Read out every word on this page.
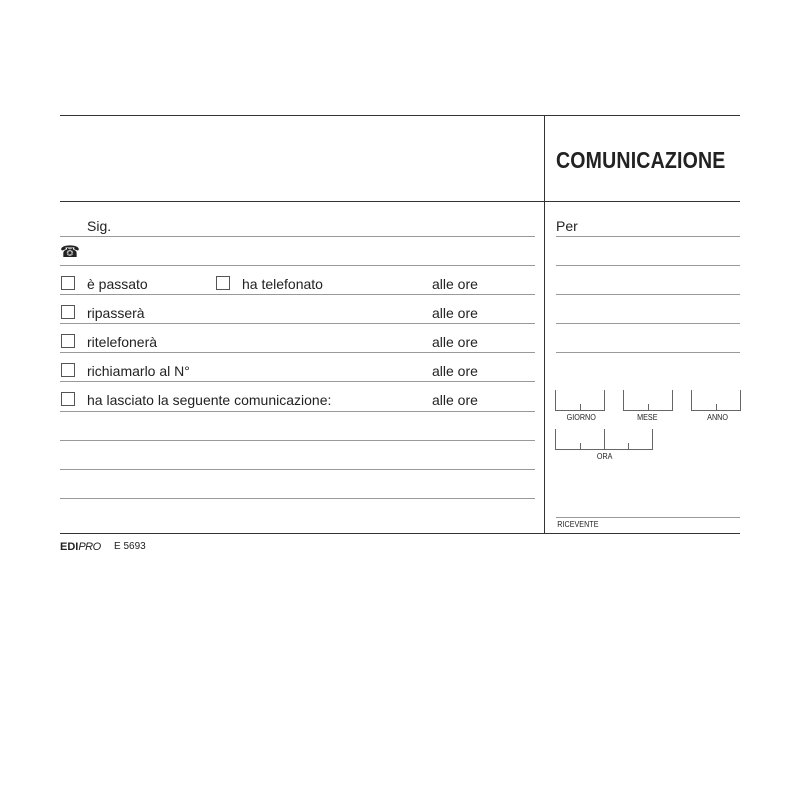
COMUNICAZIONE
Sig.
☎
è passato	ha telefonato	alle ore
ripasserà	alle ore
ritelefonerà	alle ore
richiamarlo al N°	alle ore
ha lasciato la seguente comunicazione:	alle ore
Per
GIORNO	MESE	ANNO
ORA
RICEVENTE
EDIPRO E 5693
